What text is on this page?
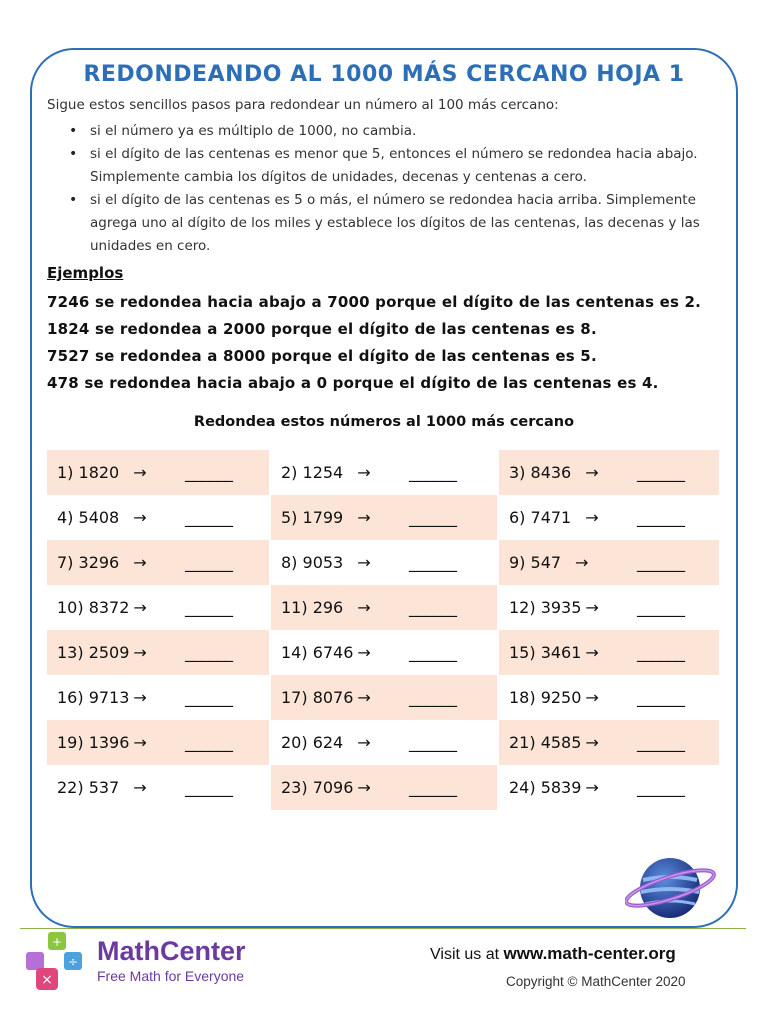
REDONDEANDO AL 1000 MÁS CERCANO HOJA 1

Sigue estos sencillos pasos para redondear un número al 100 más cercano:

• si el número ya es múltiplo de 1000, no cambia.
• si el dígito de las centenas es menor que 5, entonces el número se redondea hacia abajo. Simplemente cambia los dígitos de unidades, decenas y centenas a cero.
• si el dígito de las centenas es 5 o más, el número se redondea hacia arriba. Simplemente agrega uno al dígito de los miles y establece los dígitos de las centenas, las decenas y las unidades en cero.
Ejemplos

7246 se redondea hacia abajo a 7000 porque el dígito de las centenas es 2.

1824 se redondea a 2000 porque el dígito de las centenas es 8.

7527 se redondea a 8000 porque el dígito de las centenas es 5.

478 se redondea hacia abajo a 0 porque el dígito de las centenas es 4.

Redondea estos números al 1000 más cercano
1) 1820 → ______	2) 1254 → ______	3) 8436 → ______
4) 5408 → ______	5) 1799 → ______	6) 7471 → ______
7) 3296 → ______	8) 9053 → ______	9) 547 →	______
10) 8372 → ______	11) 296 → ______	12) 3935 → ______
13) 2509 → ______	14) 6746 → ______	15) 3461 → ______
16) 9713 → ______	17) 8076 → ______	18) 9250 → ______
19) 1396 → ______	20) 624 → ______	21) 4585 → ______
22) 537 → ______	23) 7096 → ______	24) 5839 → ______
×
÷
+ MathCenter
Free Math for Everyone
Visit us at www.math-center.org
Copyright © MathCenter 2020
